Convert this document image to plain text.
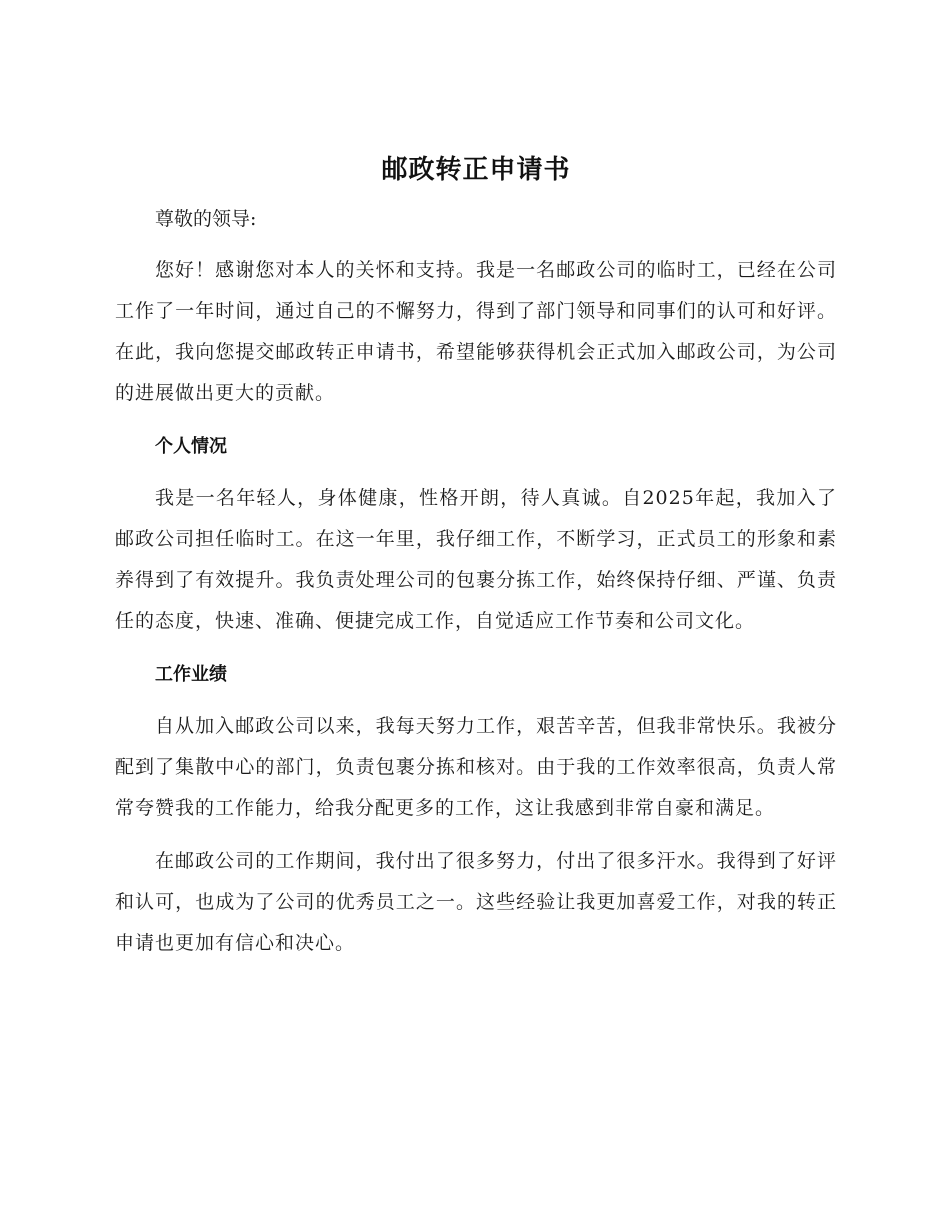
邮政转正申请书

尊敬的领导:

您好！感谢您对本人的关怀和支持。我是一名邮政公司的临时工，已经在公司工作了一年时间，通过自己的不懈努力，得到了部门领导和同事们的认可和好评。在此，我向您提交邮政转正申请书，希望能够获得机会正式加入邮政公司，为公司的进展做出更大的贡献。

个人情况

我是一名年轻人，身体健康，性格开朗，待人真诚。自2025年起，我加入了邮政公司担任临时工。在这一年里，我仔细工作，不断学习，正式员工的形象和素养得到了有效提升。我负责处理公司的包裹分拣工作，始终保持仔细、严谨、负责任的态度，快速、准确、便捷完成工作，自觉适应工作节奏和公司文化。

工作业绩

自从加入邮政公司以来，我每天努力工作，艰苦辛苦，但我非常快乐。我被分配到了集散中心的部门，负责包裹分拣和核对。由于我的工作效率很高，负责人常常夸赞我的工作能力，给我分配更多的工作，这让我感到非常自豪和满足。

在邮政公司的工作期间，我付出了很多努力，付出了很多汗水。我得到了好评和认可，也成为了公司的优秀员工之一。这些经验让我更加喜爱工作，对我的转正申请也更加有信心和决心。
